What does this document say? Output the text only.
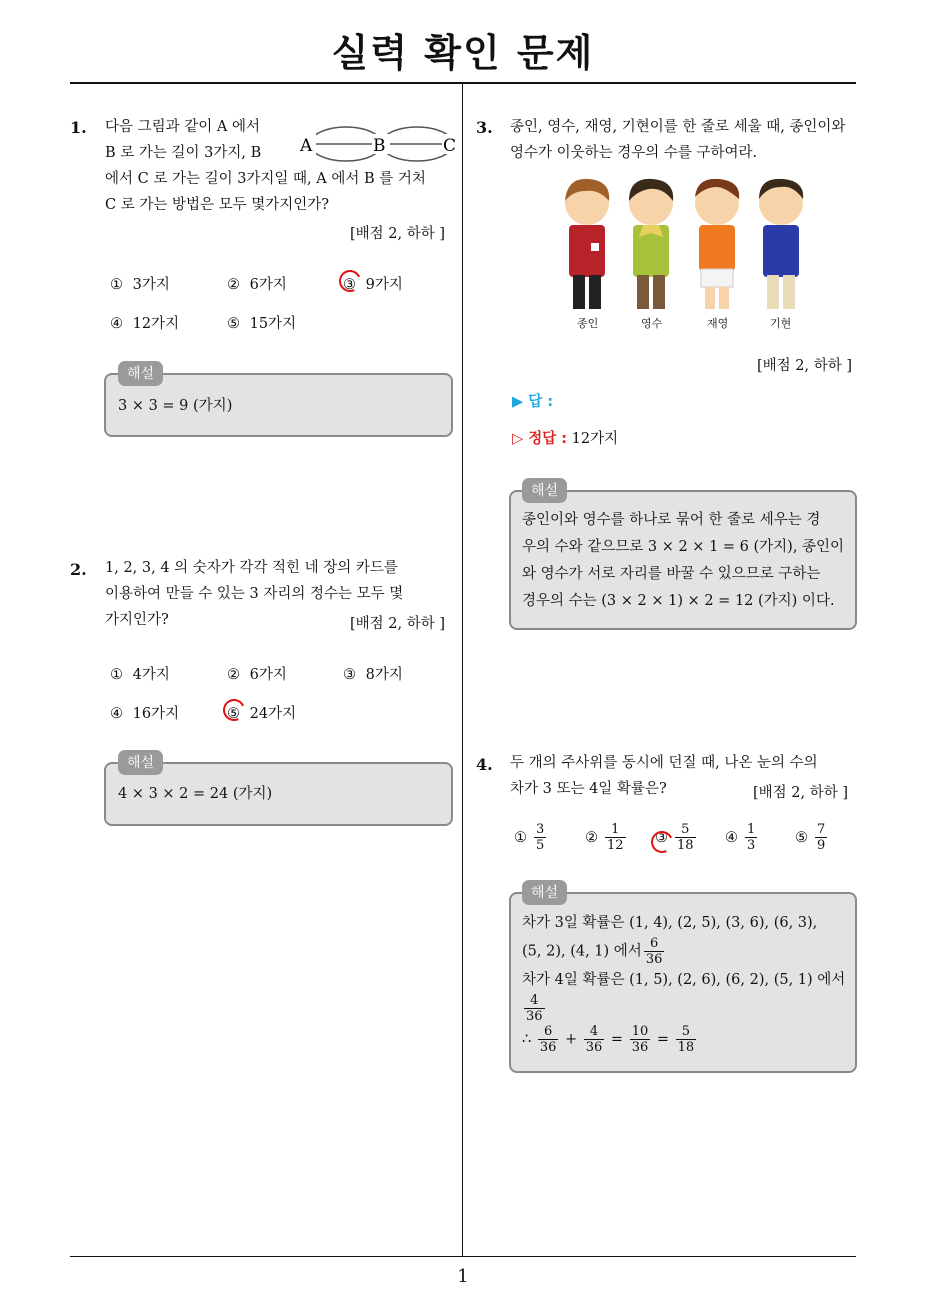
실력 확인 문제
1
1. 다음 그림과 같이 A 에서
B 로 가는 길이 3가지, B
에서 C 로 가는 길이 3가지일 때, A 에서 B 를 거처
C 로 가는 방법은 모두 몇가지인가?
A	B	C
[배점 2, 하하 ]
① 3가지	② 6가지	③ 9가지
④ 12가지	⑤ 15가지
해설
3 × 3 = 9 (가지)
2. 1, 2, 3, 4 의 숫자가 각각 적힌 네 장의 카드를
이용하여 만들 수 있는 3 자리의 정수는 모두 몇
가지인가?	[배점 2, 하하 ]
① 4가지	② 6가지	③ 8가지
④ 16가지	⑤ 24가지
해설
4 × 3 × 2 = 24 (가지)
3. 종인, 영수, 재영, 기현이를 한 줄로 세울 때, 종인이와
영수가 이웃하는 경우의 수를 구하여라.
종인	영수	재영	기현
[배점 2, 하하 ]
▶ 답 :
▷ 정답 : 12가지
해설
종인이와 영수를 하나로 묶어 한 줄로 세우는 경
우의 수와 같으므로 3 × 2 × 1 = 6 (가지), 종인이
와 영수가 서로 자리를 바꿀 수 있으므로 구하는
경우의 수는 (3 × 2 × 1) × 2 = 12 (가지) 이다.
4. 두 개의 주사위를 동시에 던질 때, 나온 눈의 수의
차가 3 또는 4일 확률은?	[배점 2, 하하 ]
① $\frac{3}{5}$	② $\frac{1}{12}$ ③ $\frac{5}{18}$ ④ $\frac{1}{3}$	⑤ $\frac{7}{9}$
해설
차가 3일 확률은 (1, 4), (2, 5), (3, 6), (6, 3),
(5, 2), (4, 1) 에서 $\frac{6}{36}$
차가 4일 확률은 (1, 5), (2, 6), (6, 2), (5, 1) 에서
$\frac{4}{36}$
∴ $\frac{6}{36} + \frac{4}{36} = \frac{10}{36} = \frac{5}{18}$
